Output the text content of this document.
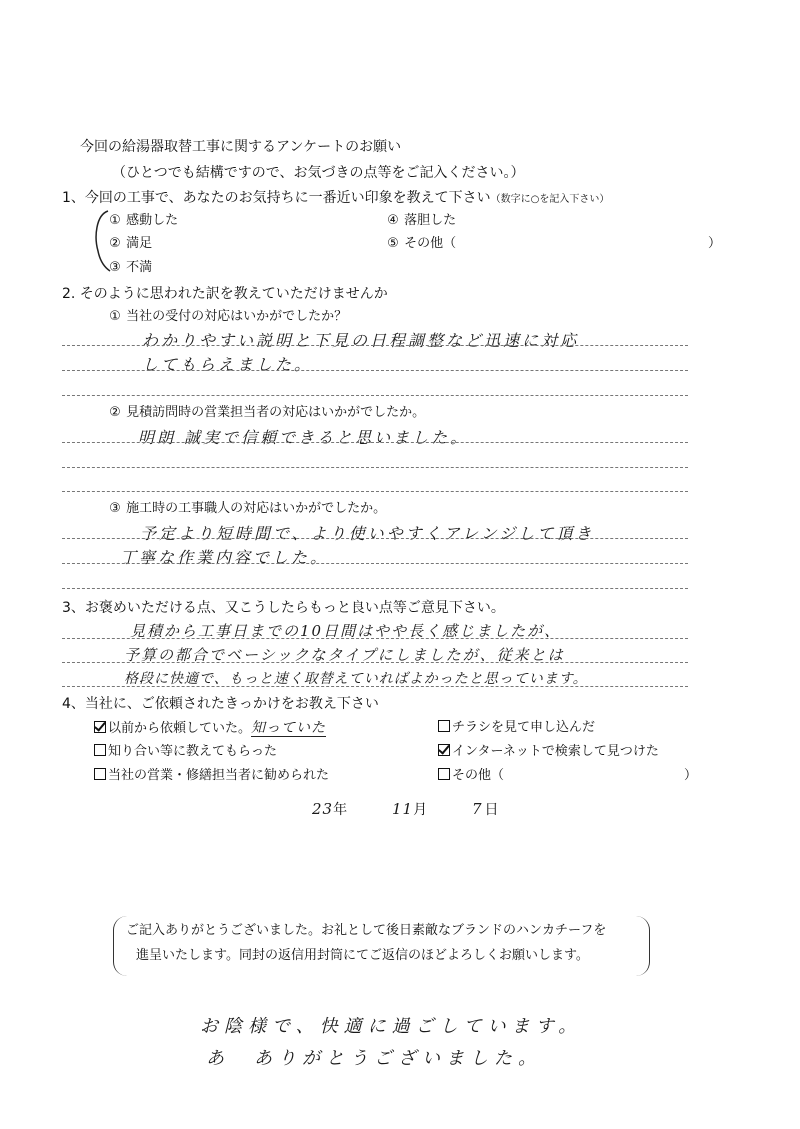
今回の給湯器取替工事に関するアンケートのお願い
（ひとつでも結構ですので、お気づきの点等をご記入ください。）
1、今回の工事で、あなたのお気持ちに一番近い印象を教えて下さい（数字に○を記入下さい）
① 感動した
② 満足
③ 不満
④ 落胆した
⑤ その他（	）
2. そのように思われた訳を教えていただけませんか
① 当社の受付の対応はいかがでしたか？
わかりやすい説明と下見の日程調整など迅速に対応
してもらえました。
② 見積訪問時の営業担当者の対応はいかがでしたか。
明朗 誠実で信頼できると思いました。
③ 施工時の工事職人の対応はいかがでしたか。
予定より短時間で、より使いやすくアレンジして頂き
丁寧な作業内容でした。
3、お褒めいただける点、又こうしたらもっと良い点等ご意見下さい。
見積から工事日までの10日間はやや長く感じましたが、
予算の都合でベーシックなタイプにしましたが、従来とは
格段に快適で、もっと速く取替えていればよかったと思っています。
4、当社に、ご依頼されたきっかけをお教え下さい
以前から依頼していた。知っていた	チラシを見て申し込んだ
知り合い等に教えてもらった	インターネットで検索して見つけた
当社の営業・修繕担当者に勧められた	その他（	）
23年	11月	7日
ご記入ありがとうございました。お礼として後日素敵なブランドのハンカチーフを
進呈いたします。同封の返信用封筒にてご返信のほどよろしくお願いします。
お陰様で、快適に過ごしています。
あ　ありがとうございました。
